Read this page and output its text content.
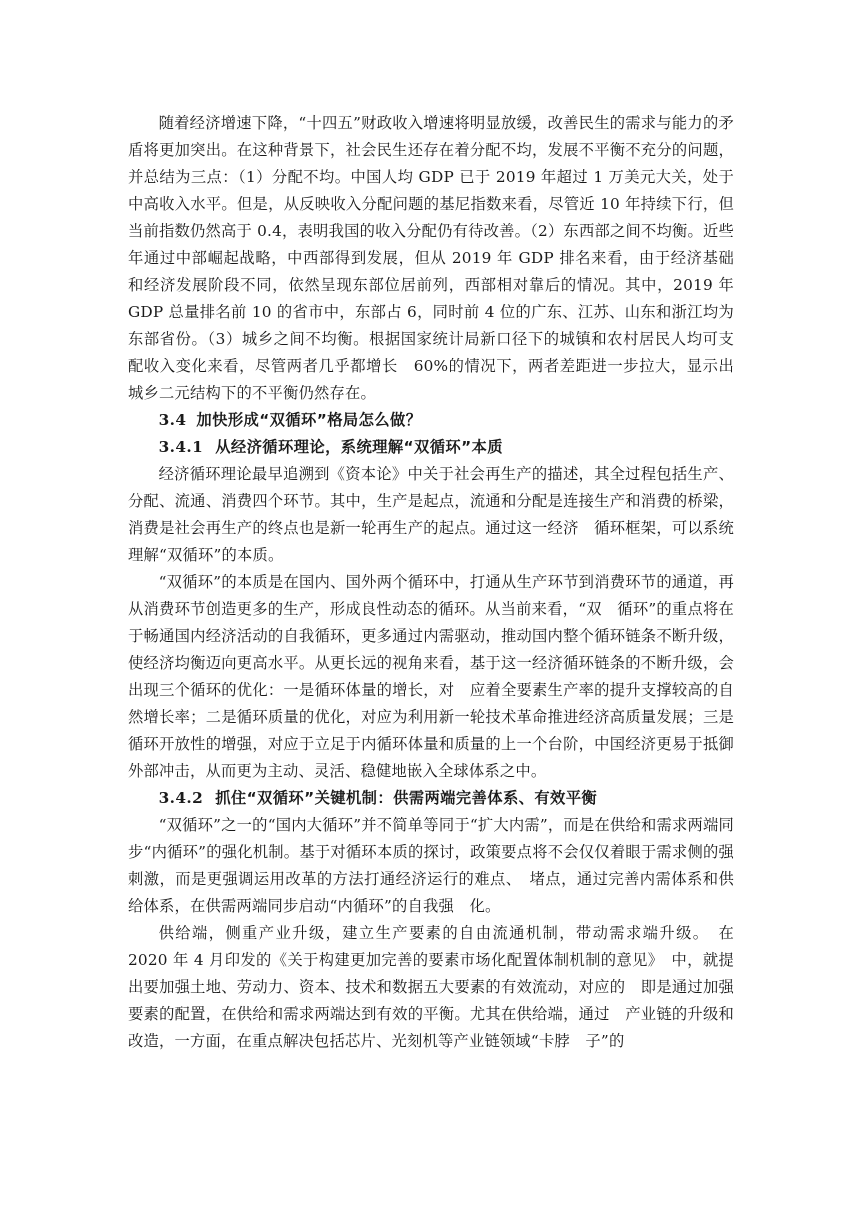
随着经济增速下降，“十四五”财政收入增速将明显放缓，改善民生的需求与能力的矛盾将更加突出。在这种背景下，社会民生还存在着分配不均，发展不平衡不充分的问题，并总结为三点：（1）分配不均。中国人均 GDP 已于 2019 年超过 1 万美元大关，处于中高收入水平。但是，从反映收入分配问题的基尼指数来看，尽管近 10 年持续下行，但当前指数仍然高于 0.4，表明我国的收入分配仍有待改善。（2）东西部之间不均衡。近些年通过中部崛起战略，中西部得到发展，但从 2019 年 GDP 排名来看，由于经济基础和经济发展阶段不同，依然呈现东部位居前列，西部相对靠后的情况。其中，2019 年 GDP 总量排名前 10 的省市中，东部占 6，同时前 4 位的广东、江苏、山东和浙江均为东部省份。（3）城乡之间不均衡。根据国家统计局新口径下的城镇和农村居民人均可支配收入变化来看，尽管两者几乎都增长　60%的情况下，两者差距进一步拉大，显示出城乡二元结构下的不平衡仍然存在。

3.4 加快形成“双循环”格局怎么做？
3.4.1 从经济循环理论，系统理解“双循环”本质

经济循环理论最早追溯到《资本论》中关于社会再生产的描述，其全过程包括生产、分配、流通、消费四个环节。其中，生产是起点，流通和分配是连接生产和消费的桥梁，消费是社会再生产的终点也是新一轮再生产的起点。通过这一经济　循环框架，可以系统理解“双循环”的本质。

“双循环”的本质是在国内、国外两个循环中，打通从生产环节到消费环节的通道，再从消费环节创造更多的生产，形成良性动态的循环。从当前来看，“双　循环”的重点将在于畅通国内经济活动的自我循环，更多通过内需驱动，推动国内整个循环链条不断升级，使经济均衡迈向更高水平。从更长远的视角来看，基于这一经济循环链条的不断升级，会出现三个循环的优化：一是循环体量的增长，对　应着全要素生产率的提升支撑较高的自然增长率；二是循环质量的优化，对应为利用新一轮技术革命推进经济高质量发展；三是循环开放性的增强，对应于立足于内循环体量和质量的上一个台阶，中国经济更易于抵御外部冲击，从而更为主动、灵活、稳健地嵌入全球体系之中。

3.4.2 抓住“双循环”关键机制：供需两端完善体系、有效平衡

“双循环”之一的“国内大循环”并不简单等同于“扩大内需”，而是在供给和需求两端同步“内循环”的强化机制。基于对循环本质的探讨，政策要点将不会仅仅着眼于需求侧的强刺激，而是更强调运用改革的方法打通经济运行的难点、　堵点，通过完善内需体系和供给体系，在供需两端同步启动“内循环”的自我强　化。

供给端，侧重产业升级，建立生产要素的自由流通机制，带动需求端升级。　在 2020 年 4 月印发的《关于构建更加完善的要素市场化配置体制机制的意见》　中，就提出要加强土地、劳动力、资本、技术和数据五大要素的有效流动，对应的　即是通过加强要素的配置，在供给和需求两端达到有效的平衡。尤其在供给端，通过　产业链的升级和改造，一方面，在重点解决包括芯片、光刻机等产业链领域“卡脖　子”的
